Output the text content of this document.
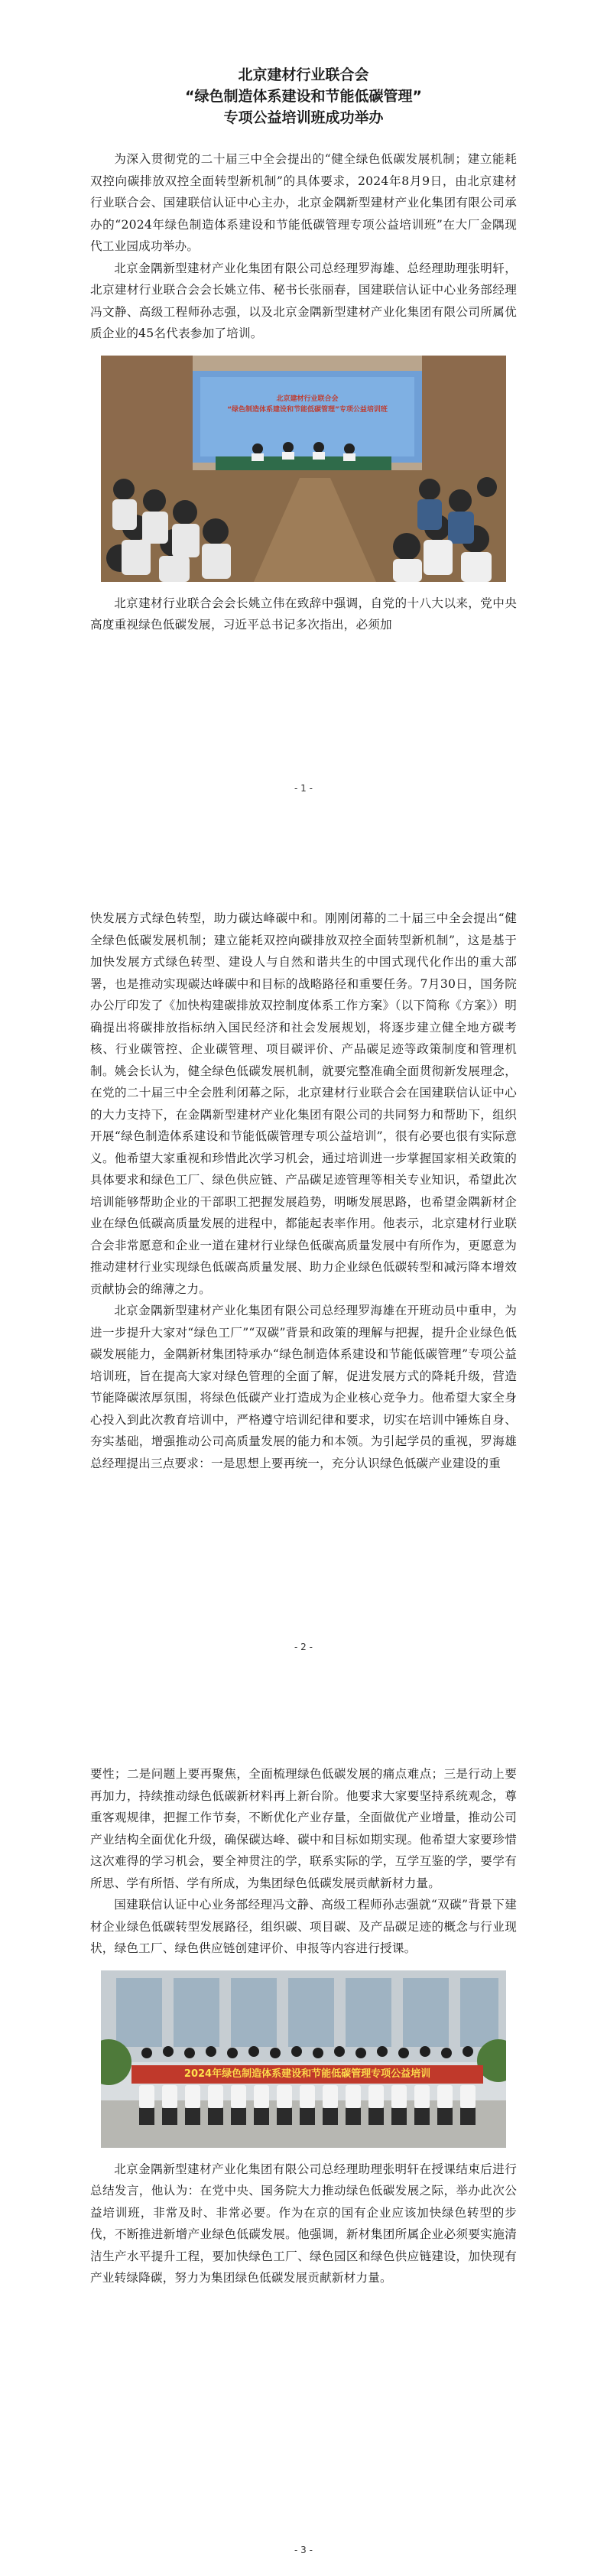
北京建材行业联合会

“绿色制造体系建设和节能低碳管理”

专项公益培训班成功举办

为深入贯彻党的二十届三中全会提出的“健全绿色低碳发展机制；建立能耗双控向碳排放双控全面转型新机制”的具体要求，2024年8月9日，由北京建材行业联合会、国建联信认证中心主办，北京金隅新型建材产业化集团有限公司承办的“2024年绿色制造体系建设和节能低碳管理专项公益培训班”在大厂金隅现代工业园成功举办。

北京金隅新型建材产业化集团有限公司总经理罗海雄、总经理助理张明轩，北京建材行业联合会会长姚立伟、秘书长张丽春，国建联信认证中心业务部经理冯文静、高级工程师孙志强，以及北京金隅新型建材产业化集团有限公司所属优质企业的45名代表参加了培训。

北京建材行业联合会
“绿色制造体系建设和节能低碳管理”专项公益培训班

北京建材行业联合会会长姚立伟在致辞中强调，自党的十八大以来，党中央高度重视绿色低碳发展，习近平总书记多次指出，必须加

- 1 -

快发展方式绿色转型，助力碳达峰碳中和。刚刚闭幕的二十届三中全会提出“健全绿色低碳发展机制；建立能耗双控向碳排放双控全面转型新机制”，这是基于加快发展方式绿色转型、建设人与自然和谐共生的中国式现代化作出的重大部署，也是推动实现碳达峰碳中和目标的战略路径和重要任务。7月30日，国务院办公厅印发了《加快构建碳排放双控制度体系工作方案》（以下简称《方案》）明确提出将碳排放指标纳入国民经济和社会发展规划，将逐步建立健全地方碳考核、行业碳管控、企业碳管理、项目碳评价、产品碳足迹等政策制度和管理机制。姚会长认为，健全绿色低碳发展机制，就要完整准确全面贯彻新发展理念，在党的二十届三中全会胜利闭幕之际，北京建材行业联合会在国建联信认证中心的大力支持下，在金隅新型建材产业化集团有限公司的共同努力和帮助下，组织开展“绿色制造体系建设和节能低碳管理专项公益培训”，很有必要也很有实际意义。他希望大家重视和珍惜此次学习机会，通过培训进一步掌握国家相关政策的具体要求和绿色工厂、绿色供应链、产品碳足迹管理等相关专业知识，希望此次培训能够帮助企业的干部职工把握发展趋势，明晰发展思路，也希望金隅新材企业在绿色低碳高质量发展的进程中，都能起表率作用。他表示，北京建材行业联合会非常愿意和企业一道在建材行业绿色低碳高质量发展中有所作为，更愿意为推动建材行业实现绿色低碳高质量发展、助力企业绿色低碳转型和减污降本增效贡献协会的绵薄之力。

北京金隅新型建材产业化集团有限公司总经理罗海雄在开班动员中重申，为进一步提升大家对“绿色工厂”“双碳”背景和政策的理解与把握，提升企业绿色低碳发展能力，金隅新材集团特承办“绿色制造体系建设和节能低碳管理”专项公益培训班，旨在提高大家对绿色管理的全面了解，促进发展方式的降耗升级，营造节能降碳浓厚氛围，将绿色低碳产业打造成为企业核心竞争力。他希望大家全身心投入到此次教育培训中，严格遵守培训纪律和要求，切实在培训中锤炼自身、夯实基础，增强推动公司高质量发展的能力和本领。为引起学员的重视，罗海雄总经理提出三点要求：一是思想上要再统一，充分认识绿色低碳产业建设的重

- 2 -

要性；二是问题上要再聚焦，全面梳理绿色低碳发展的痛点难点；三是行动上要再加力，持续推动绿色低碳新材料再上新台阶。他要求大家要坚持系统观念，尊重客观规律，把握工作节奏，不断优化产业存量，全面做优产业增量，推动公司产业结构全面优化升级，确保碳达峰、碳中和目标如期实现。他希望大家要珍惜这次难得的学习机会，要全神贯注的学，联系实际的学，互学互鉴的学，要学有所思、学有所悟、学有所成，为集团绿色低碳发展贡献新材力量。

国建联信认证中心业务部经理冯文静、高级工程师孙志强就“双碳”背景下建材企业绿色低碳转型发展路径，组织碳、项目碳、及产品碳足迹的概念与行业现状，绿色工厂、绿色供应链创建评价、申报等内容进行授课。

2024年绿色制造体系建设和节能低碳管理专项公益培训

北京金隅新型建材产业化集团有限公司总经理助理张明轩在授课结束后进行总结发言，他认为：在党中央、国务院大力推动绿色低碳发展之际，举办此次公益培训班，非常及时、非常必要。作为在京的国有企业应该加快绿色转型的步伐，不断推进新增产业绿色低碳发展。他强调，新材集团所属企业必须要实施清洁生产水平提升工程，要加快绿色工厂、绿色园区和绿色供应链建设，加快现有产业转绿降碳，努力为集团绿色低碳发展贡献新材力量。

- 3 -
